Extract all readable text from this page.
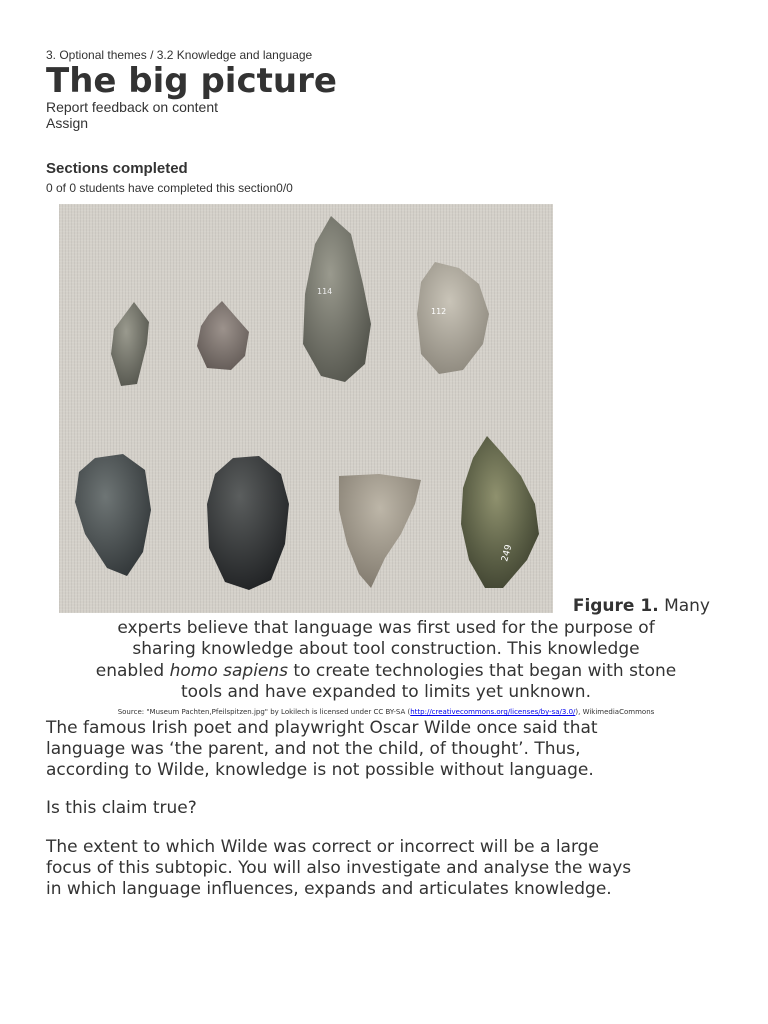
3. Optional themes / 3.2 Knowledge and language
The big picture
Report feedback on content
Assign
Sections completed
0 of 0 students have completed this section0/0
114
112
249
Figure 1. Many
experts believe that language was first used for the purpose of
sharing knowledge about tool construction. This knowledge
enabled homo sapiens to create technologies that began with stone
tools and have expanded to limits yet unknown.
Source: "Museum Pachten,Pfeilspitzen.jpg" by Lokilech is licensed under CC BY-SA (http://creativecommons.org/licenses/by-sa/3.0/), WikimediaCommons
The famous Irish poet and playwright Oscar Wilde once said that
language was ‘the parent, and not the child, of thought’. Thus,
according to Wilde, knowledge is not possible without language.
Is this claim true?
The extent to which Wilde was correct or incorrect will be a large
focus of this subtopic. You will also investigate and analyse the ways
in which language influences, expands and articulates knowledge.
